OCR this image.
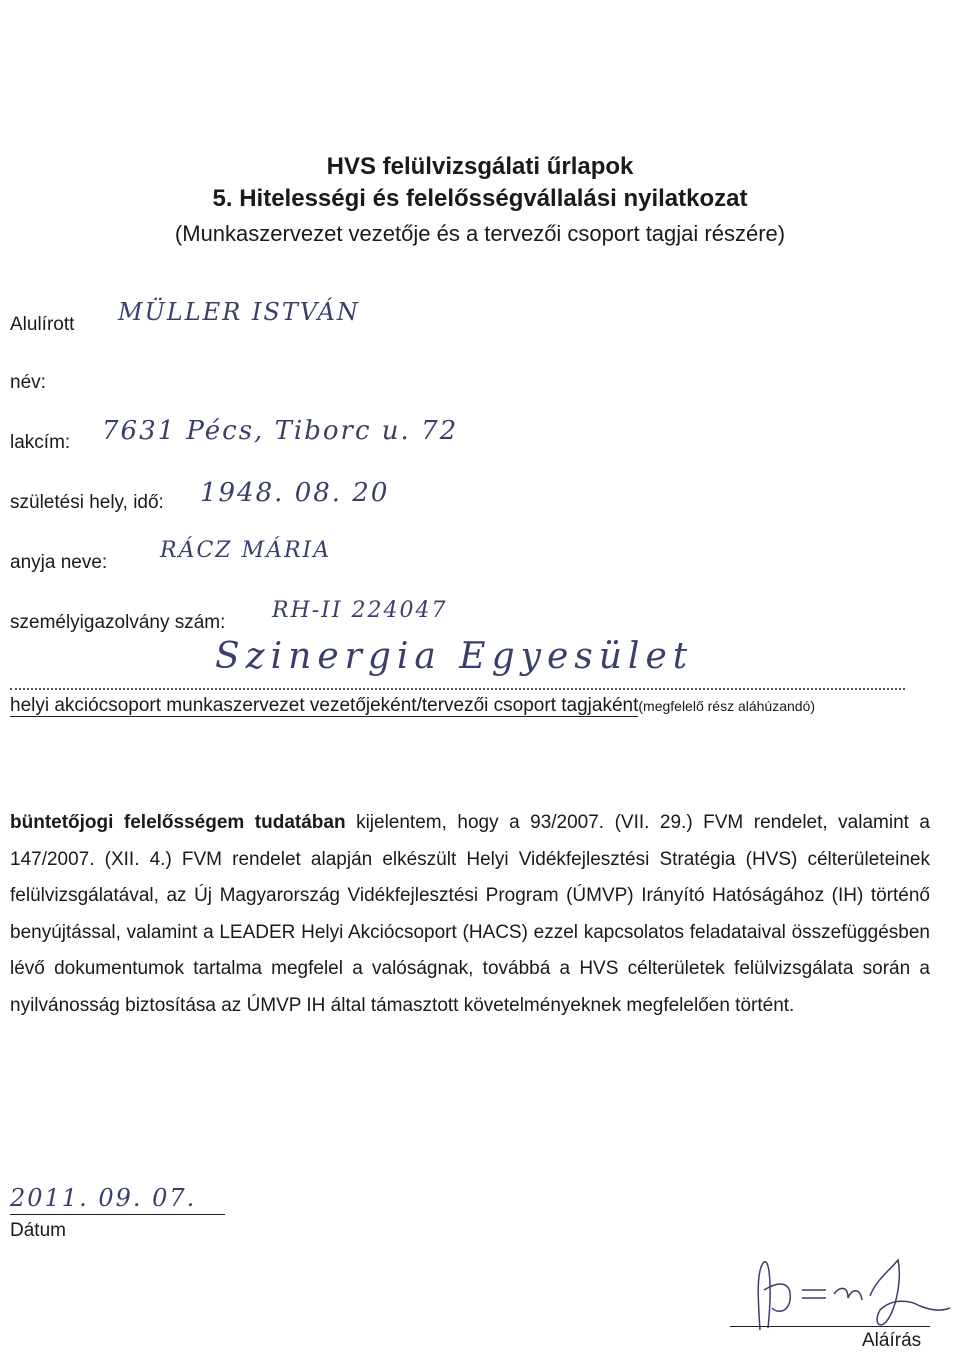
HVS felülvizsgálati űrlapok
5. Hitelességi és felelősségvállalási nyilatkozat
(Munkaszervezet vezetője és a tervezői csoport tagjai részére)
Alulírott MÜLLER ISTVÁN
név:
lakcím: 7631 Pécs, Tiborc u. 72
születési hely, idő: 1948. 08. 20
anyja neve: RÁCZ MÁRIA
személyigazolvány szám: RH-II 224047
Szinergia Egyesület
helyi akciócsoport munkaszervezet vezetőjeként/tervezői csoport tagjaként(megfelelő rész aláhúzandó)
büntetőjogi felelősségem tudatában kijelentem, hogy a 93/2007. (VII. 29.) FVM rendelet, valamint a 147/2007. (XII. 4.) FVM rendelet alapján elkészült Helyi Vidékfejlesztési Stratégia (HVS) célterületeinek felülvizsgálatával, az Új Magyarország Vidékfejlesztési Program (ÚMVP) Irányító Hatóságához (IH) történő benyújtással, valamint a LEADER Helyi Akciócsoport (HACS) ezzel kapcsolatos feladataival összefüggésben lévő dokumentumok tartalma megfelel a valóságnak, továbbá a HVS célterületek felülvizsgálata során a nyilvánosság biztosítása az ÚMVP IH által támasztott követelményeknek megfelelően történt.
2011. 09. 07.
Dátum
Aláírás
